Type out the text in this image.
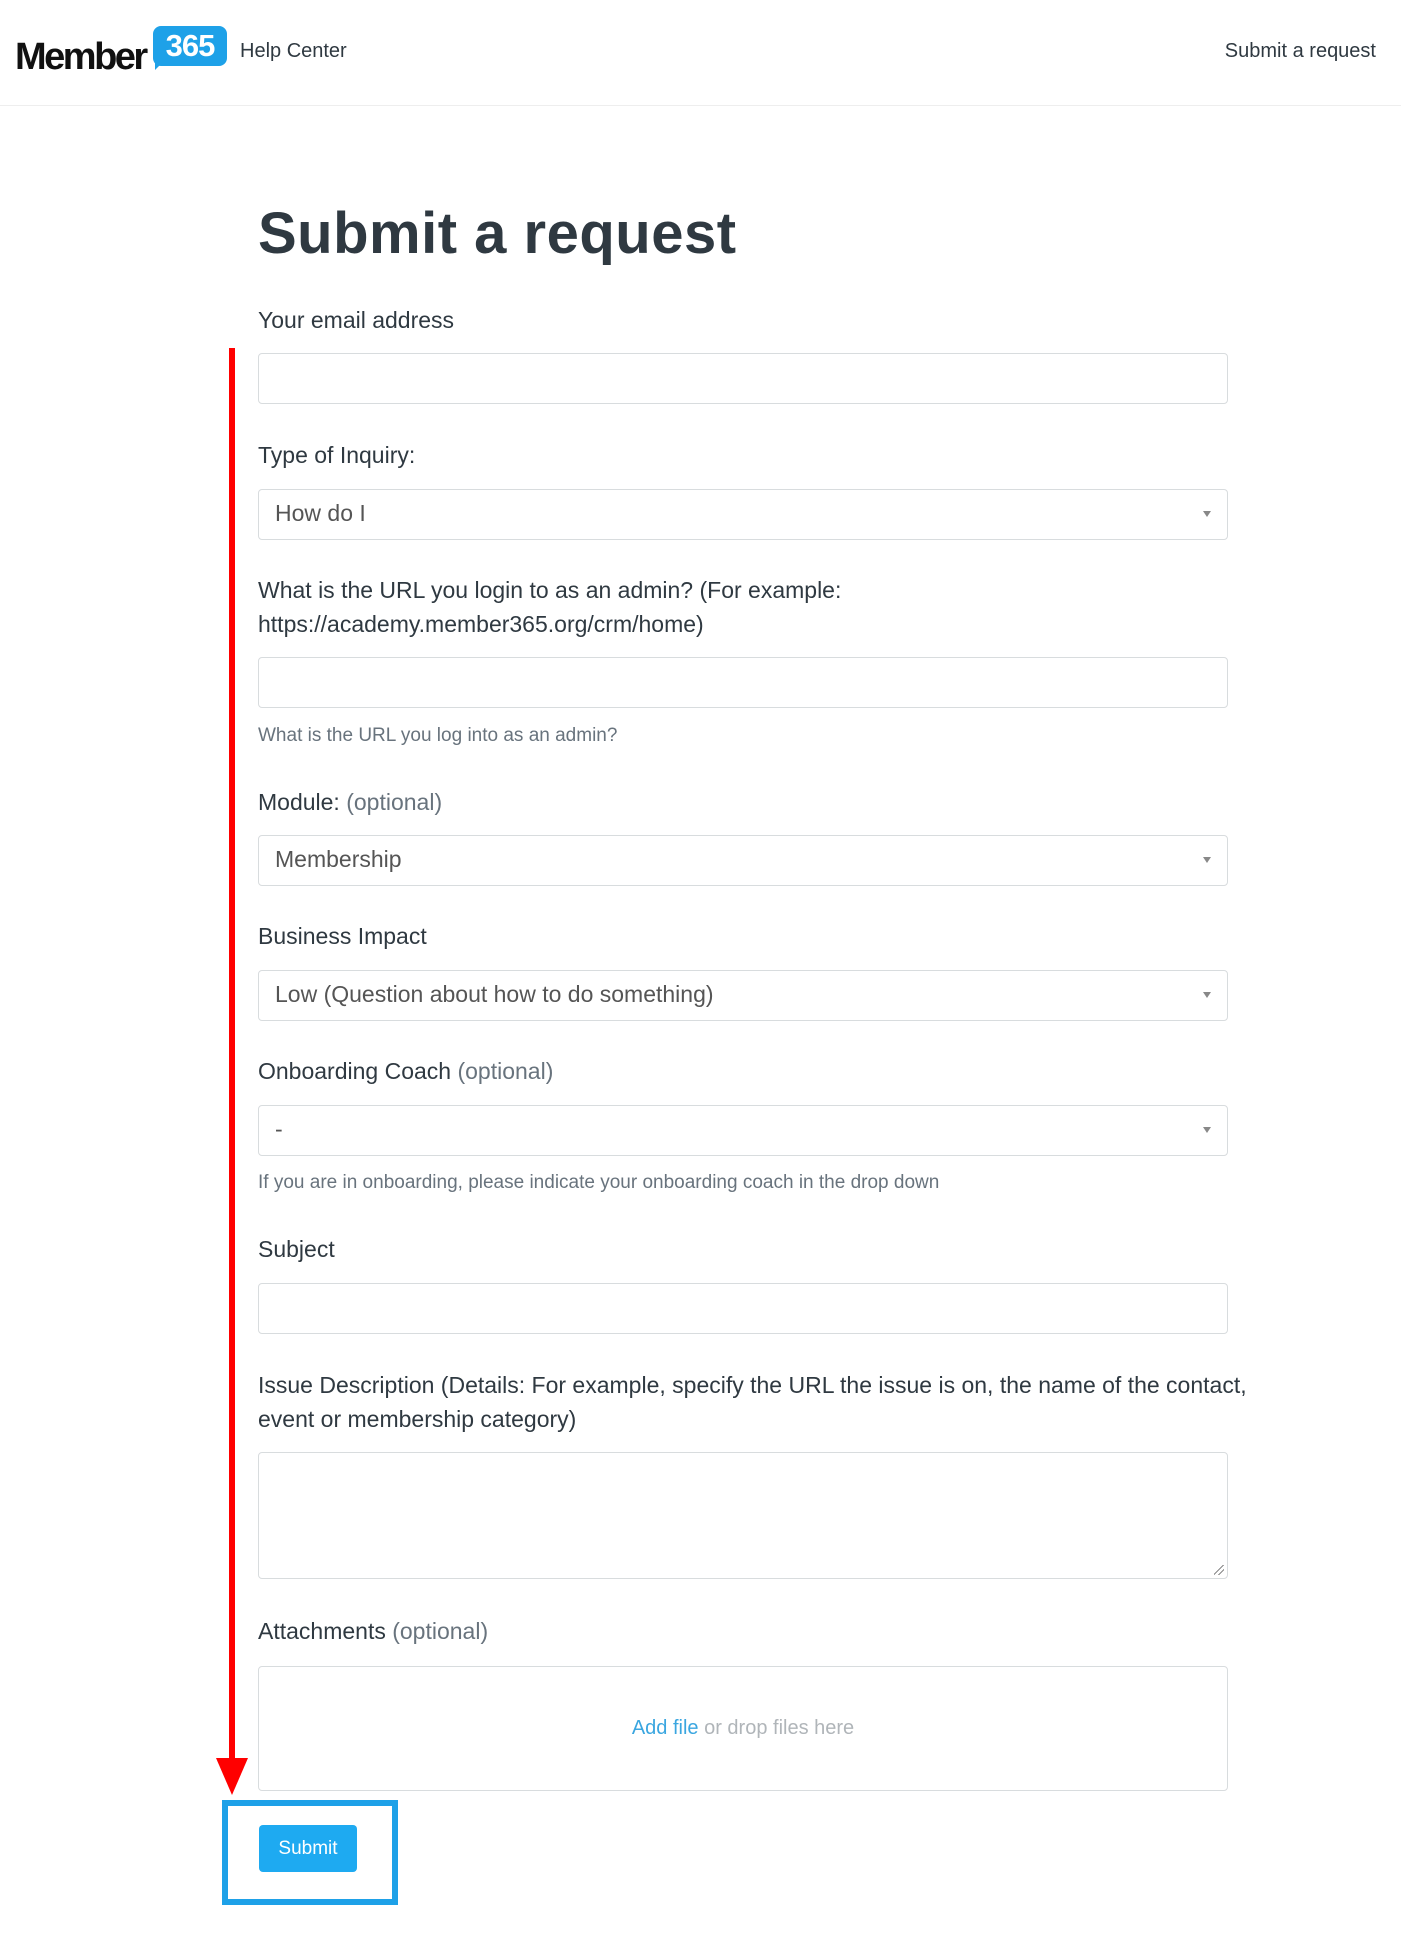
Member 365	Help Center	Submit a request
Submit a request
Your email address
Type of Inquiry:
How do I
What is the URL you login to as an admin? (For example: https://academy.member365.org/crm/home)
What is the URL you log into as an admin?
Module: (optional)
Membership
Business Impact
Low (Question about how to do something)
Onboarding Coach (optional)
-
If you are in onboarding, please indicate your onboarding coach in the drop down
Subject
Issue Description (Details: For example, specify the URL the issue is on, the name of the contact, event or membership category)
Attachments (optional)
Add file or drop files here
Submit
